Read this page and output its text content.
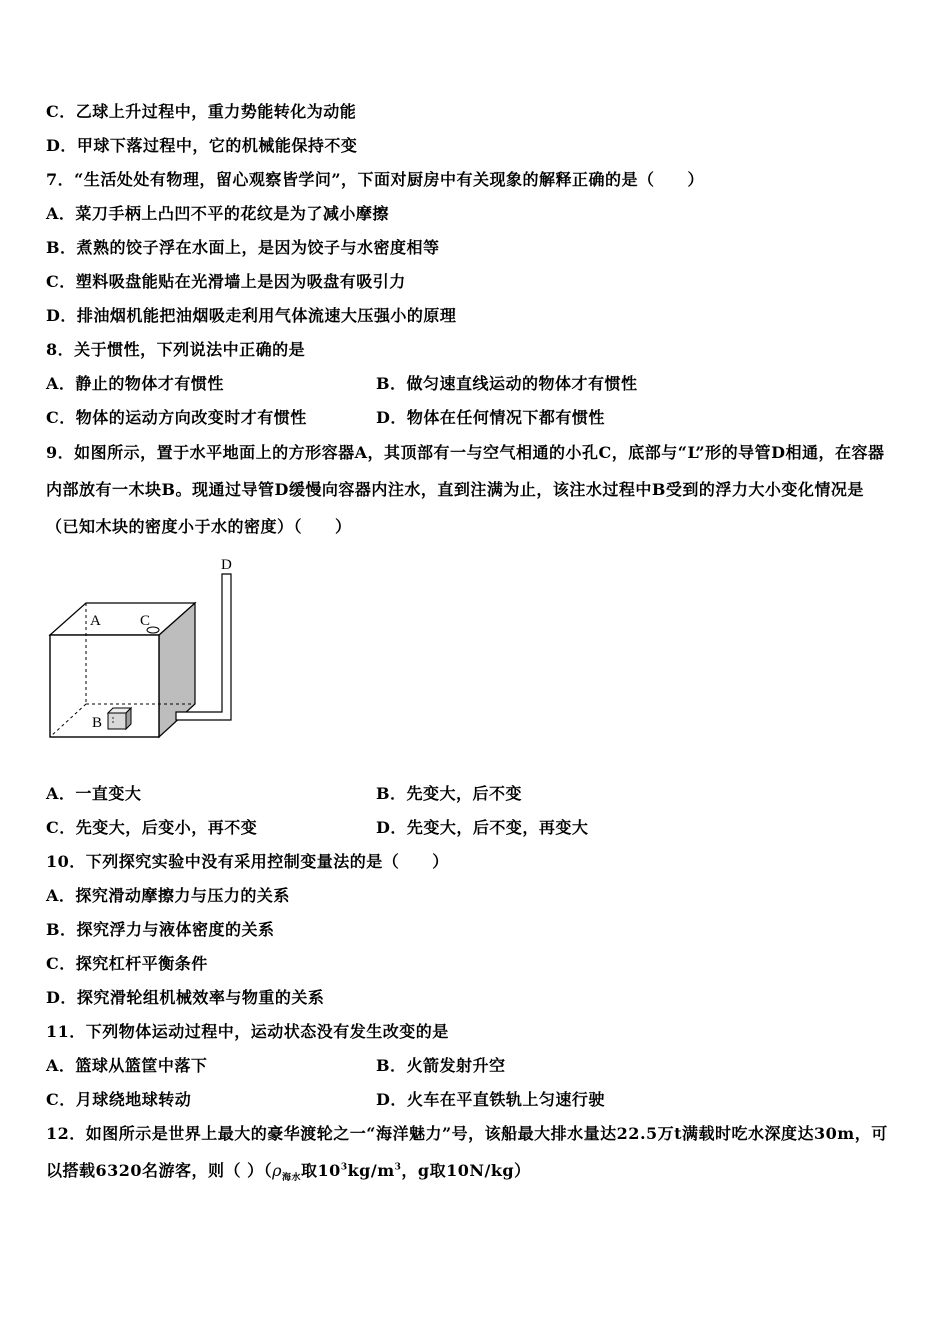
C．乙球上升过程中，重力势能转化为动能
D．甲球下落过程中，它的机械能保持不变
7．“生活处处有物理，留心观察皆学问”，下面对厨房中有关现象的解释正确的是（　　）
A．菜刀手柄上凸凹不平的花纹是为了减小摩擦
B．煮熟的饺子浮在水面上，是因为饺子与水密度相等
C．塑料吸盘能贴在光滑墙上是因为吸盘有吸引力
D．排油烟机能把油烟吸走利用气体流速大压强小的原理
8．关于惯性，下列说法中正确的是
A．静止的物体才有惯性	B．做匀速直线运动的物体才有惯性
C．物体的运动方向改变时才有惯性	D．物体在任何情况下都有惯性
9．如图所示，置于水平地面上的方形容器A，其顶部有一与空气相通的小孔C，底部与“L”形的导管D相通，在容器
内部放有一木块B。现通过导管D缓慢向容器内注水，直到注满为止，该注水过程中B受到的浮力大小变化情况是
（已知木块的密度小于水的密度）（　　）
A	C
D
B
A．一直变大	B．先变大，后不变
C．先变大，后变小，再不变	D．先变大，后不变，再变大
10．下列探究实验中没有采用控制变量法的是（　　）
A．探究滑动摩擦力与压力的关系
B．探究浮力与液体密度的关系
C．探究杠杆平衡条件
D．探究滑轮组机械效率与物重的关系
11．下列物体运动过程中，运动状态没有发生改变的是
A．篮球从篮筐中落下	B．火箭发射升空
C．月球绕地球转动	D．火车在平直铁轨上匀速行驶
12．如图所示是世界上最大的豪华渡轮之一“海洋魅力”号，该船最大排水量达22.5万t满载时吃水深度达30m，可
以搭载6320名游客，则（ ）（$\rho_{海水}$取$10^3kg/m^3$，g取10N/kg）
